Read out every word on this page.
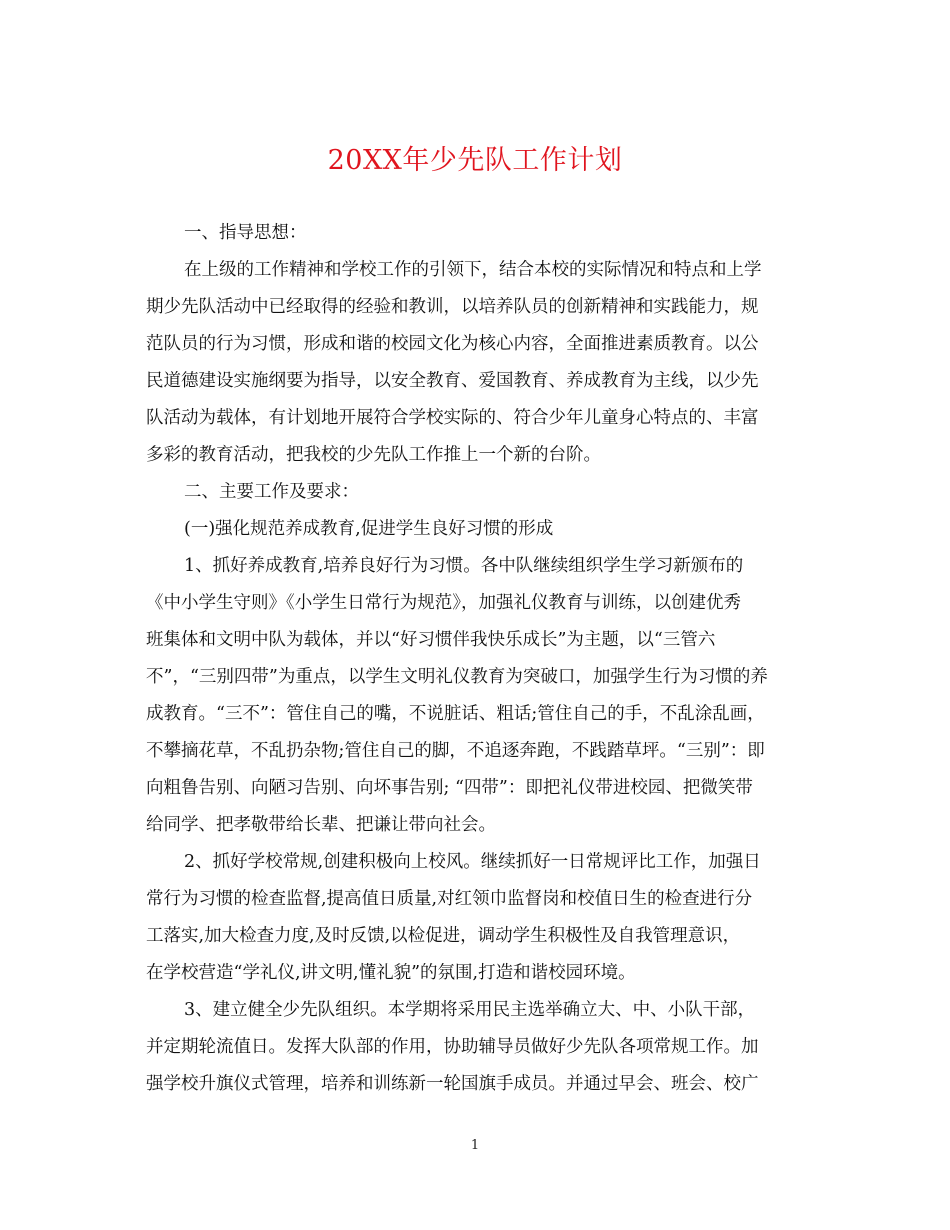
20XX年少先队工作计划
一、指导思想：
在上级的工作精神和学校工作的引领下，结合本校的实际情况和特点和上学
期少先队活动中已经取得的经验和教训，以培养队员的创新精神和实践能力，规
范队员的行为习惯，形成和谐的校园文化为核心内容，全面推进素质教育。以公
民道德建设实施纲要为指导，以安全教育、爱国教育、养成教育为主线，以少先
队活动为载体，有计划地开展符合学校实际的、符合少年儿童身心特点的、丰富
多彩的教育活动，把我校的少先队工作推上一个新的台阶。
二、主要工作及要求：
(一)强化规范养成教育,促进学生良好习惯的形成
1、抓好养成教育,培养良好行为习惯。各中队继续组织学生学习新颁布的
《中小学生守则》《小学生日常行为规范》，加强礼仪教育与训练，以创建优秀
班集体和文明中队为载体，并以“好习惯伴我快乐成长”为主题，以“三管六
不”，“三别四带”为重点，以学生文明礼仪教育为突破口，加强学生行为习惯的养
成教育。“三不”：管住自己的嘴，不说脏话、粗话;管住自己的手，不乱涂乱画，
不攀摘花草，不乱扔杂物;管住自己的脚，不追逐奔跑，不践踏草坪。“三别”：即
向粗鲁告别、向陋习告别、向坏事告别; “四带”：即把礼仪带进校园、把微笑带
给同学、把孝敬带给长辈、把谦让带向社会。
2、抓好学校常规,创建积极向上校风。继续抓好一日常规评比工作，加强日
常行为习惯的检查监督,提高值日质量,对红领巾监督岗和校值日生的检查进行分
工落实,加大检查力度,及时反馈,以检促进，调动学生积极性及自我管理意识，
在学校营造“学礼仪,讲文明,懂礼貌”的氛围,打造和谐校园环境。
3、建立健全少先队组织。本学期将采用民主选举确立大、中、小队干部，
并定期轮流值日。发挥大队部的作用，协助辅导员做好少先队各项常规工作。加
强学校升旗仪式管理，培养和训练新一轮国旗手成员。并通过早会、班会、校广
1
